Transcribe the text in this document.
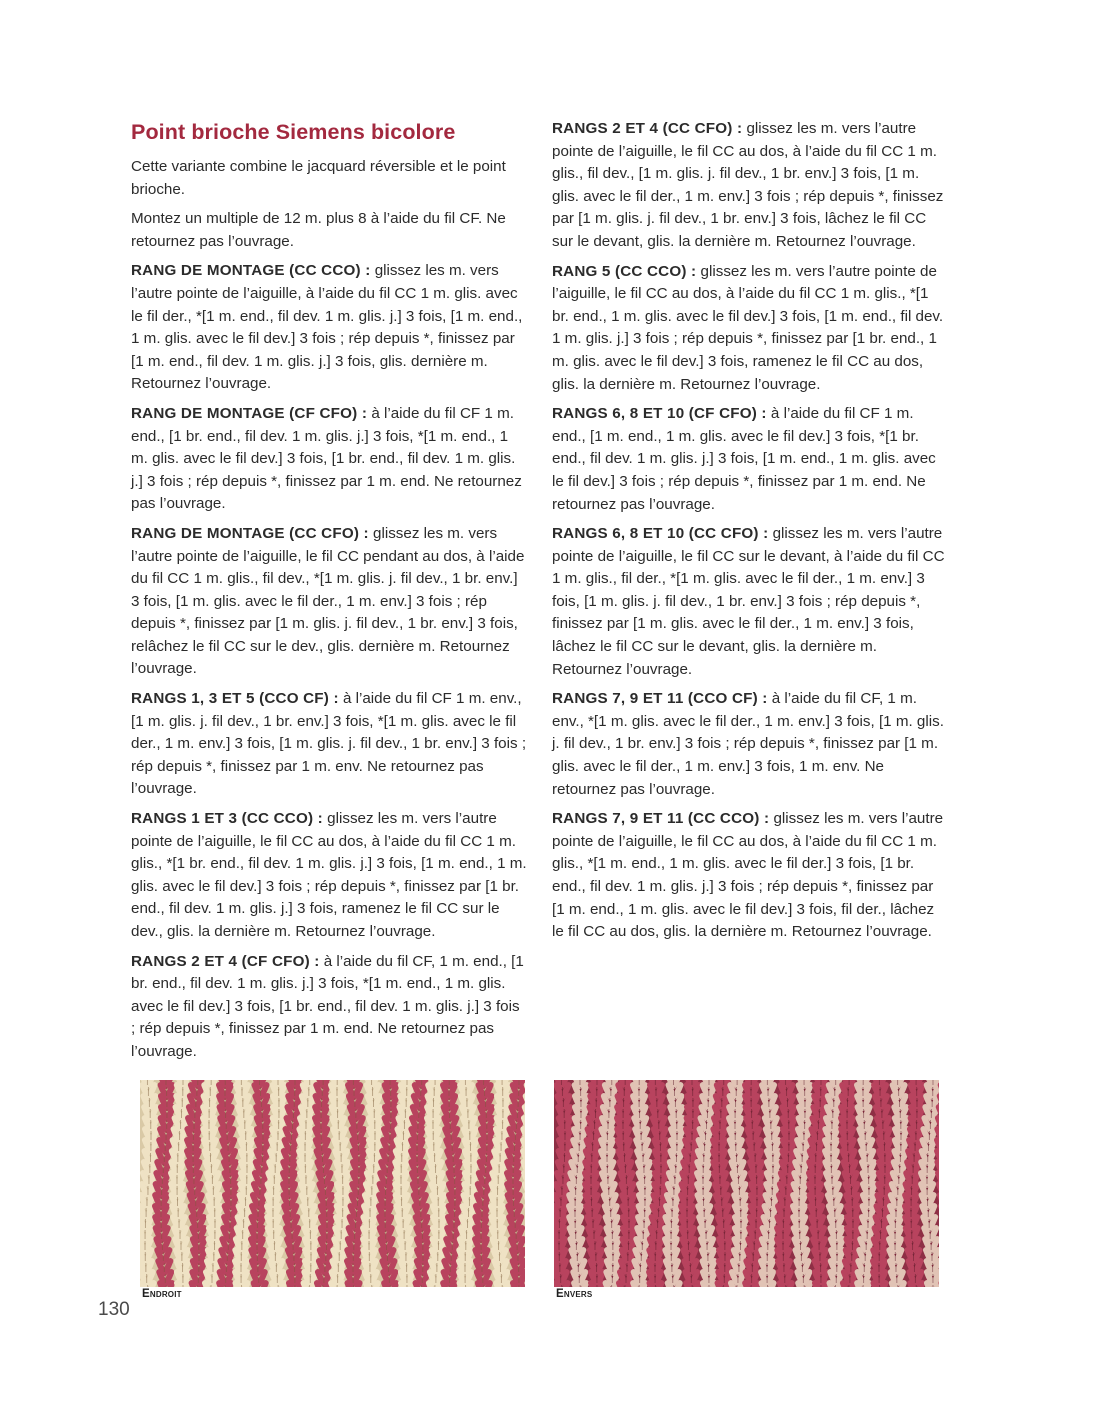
Point brioche Siemens bicolore

Cette variante combine le jacquard réversible et le point brioche.

Montez un multiple de 12 m. plus 8 à l’aide du fil CF. Ne retournez pas l’ouvrage.

RANG DE MONTAGE (CC CCO) : glissez les m. vers l’autre pointe de l’aiguille, à l’aide du fil CC 1 m. glis. avec le fil der., *[1 m. end., fil dev. 1 m. glis. j.] 3 fois, [1 m. end., 1 m. glis. avec le fil dev.] 3 fois ; rép depuis *, finissez par [1 m. end., fil dev. 1 m. glis. j.] 3 fois, glis. dernière m. Retournez l’ouvrage.

RANG DE MONTAGE (CF CFO) : à l’aide du fil CF 1 m. end., [1 br. end., fil dev. 1 m. glis. j.] 3 fois, *[1 m. end., 1 m. glis. avec le fil dev.] 3 fois, [1 br. end., fil dev. 1 m. glis. j.] 3 fois ; rép depuis *, finissez par 1 m. end. Ne retournez pas l’ouvrage.

RANG DE MONTAGE (CC CFO) : glissez les m. vers l’autre pointe de l’aiguille, le fil CC pendant au dos, à l’aide du fil CC 1 m. glis., fil dev., *[1 m. glis. j. fil dev., 1 br. env.] 3 fois, [1 m. glis. avec le fil der., 1 m. env.] 3 fois ; rép depuis *, finissez par [1 m. glis. j. fil dev., 1 br. env.] 3 fois, relâchez le fil CC sur le dev., glis. dernière m. Retournez l’ouvrage.

RANGS 1, 3 ET 5 (CCO CF) : à l’aide du fil CF 1 m. env., [1 m. glis. j. fil dev., 1 br. env.] 3 fois, *[1 m. glis. avec le fil der., 1 m. env.] 3 fois, [1 m. glis. j. fil dev., 1 br. env.] 3 fois ; rép depuis *, finissez par 1 m. env. Ne retournez pas l’ouvrage.

RANGS 1 ET 3 (CC CCO) : glissez les m. vers l’autre pointe de l’aiguille, le fil CC au dos, à l’aide du fil CC 1 m. glis., *[1 br. end., fil dev. 1 m. glis. j.] 3 fois, [1 m. end., 1 m. glis. avec le fil dev.] 3 fois ; rép depuis *, finissez par [1 br. end., fil dev. 1 m. glis. j.] 3 fois, ramenez le fil CC sur le dev., glis. la dernière m. Retournez l’ouvrage.

RANGS 2 ET 4 (CF CFO) : à l’aide du fil CF, 1 m. end., [1 br. end., fil dev. 1 m. glis. j.] 3 fois, *[1 m. end., 1 m. glis. avec le fil dev.] 3 fois, [1 br. end., fil dev. 1 m. glis. j.] 3 fois ; rép depuis *, finissez par 1 m. end. Ne retournez pas l’ouvrage.

RANGS 2 ET 4 (CC CFO) : glissez les m. vers l’autre pointe de l’aiguille, le fil CC au dos, à l’aide du fil CC 1 m. glis., fil dev., [1 m. glis. j. fil dev., 1 br. env.] 3 fois, [1 m. glis. avec le fil der., 1 m. env.] 3 fois ; rép depuis *, finissez par [1 m. glis. j. fil dev., 1 br. env.] 3 fois, lâchez le fil CC sur le devant, glis. la dernière m. Retournez l’ouvrage.

RANG 5 (CC CCO) : glissez les m. vers l’autre pointe de l’aiguille, le fil CC au dos, à l’aide du fil CC 1 m. glis., *[1 br. end., 1 m. glis. avec le fil dev.] 3 fois, [1 m. end., fil dev. 1 m. glis. j.] 3 fois ; rép depuis *, finissez par [1 br. end., 1 m. glis. avec le fil dev.] 3 fois, ramenez le fil CC au dos, glis. la dernière m. Retournez l’ouvrage.

RANGS 6, 8 ET 10 (CF CFO) : à l’aide du fil CF 1 m. end., [1 m. end., 1 m. glis. avec le fil dev.] 3 fois, *[1 br. end., fil dev. 1 m. glis. j.] 3 fois, [1 m. end., 1 m. glis. avec le fil dev.] 3 fois ; rép depuis *, finissez par 1 m. end. Ne retournez pas l’ouvrage.

RANGS 6, 8 ET 10 (CC CFO) : glissez les m. vers l’autre pointe de l’aiguille, le fil CC sur le devant, à l’aide du fil CC 1 m. glis., fil der., *[1 m. glis. avec le fil der., 1 m. env.] 3 fois, [1 m. glis. j. fil dev., 1 br. env.] 3 fois ; rép depuis *, finissez par [1 m. glis. avec le fil der., 1 m. env.] 3 fois, lâchez le fil CC sur le devant, glis. la dernière m. Retournez l’ouvrage.

RANGS 7, 9 ET 11 (CCO CF) : à l’aide du fil CF, 1 m. env., *[1 m. glis. avec le fil der., 1 m. env.] 3 fois, [1 m. glis. j. fil dev., 1 br. env.] 3 fois ; rép depuis *, finissez par [1 m. glis. avec le fil der., 1 m. env.] 3 fois, 1 m. env. Ne retournez pas l’ouvrage.

RANGS 7, 9 ET 11 (CC CCO) : glissez les m. vers l’autre pointe de l’aiguille, le fil CC au dos, à l’aide du fil CC 1 m. glis., *[1 m. end., 1 m. glis. avec le fil der.] 3 fois, [1 br. end., fil dev. 1 m. glis. j.] 3 fois ; rép depuis *, finissez par [1 m. end., 1 m. glis. avec le fil dev.] 3 fois, fil der., lâchez le fil CC au dos, glis. la dernière m. Retournez l’ouvrage.

Endroit	Envers
130
